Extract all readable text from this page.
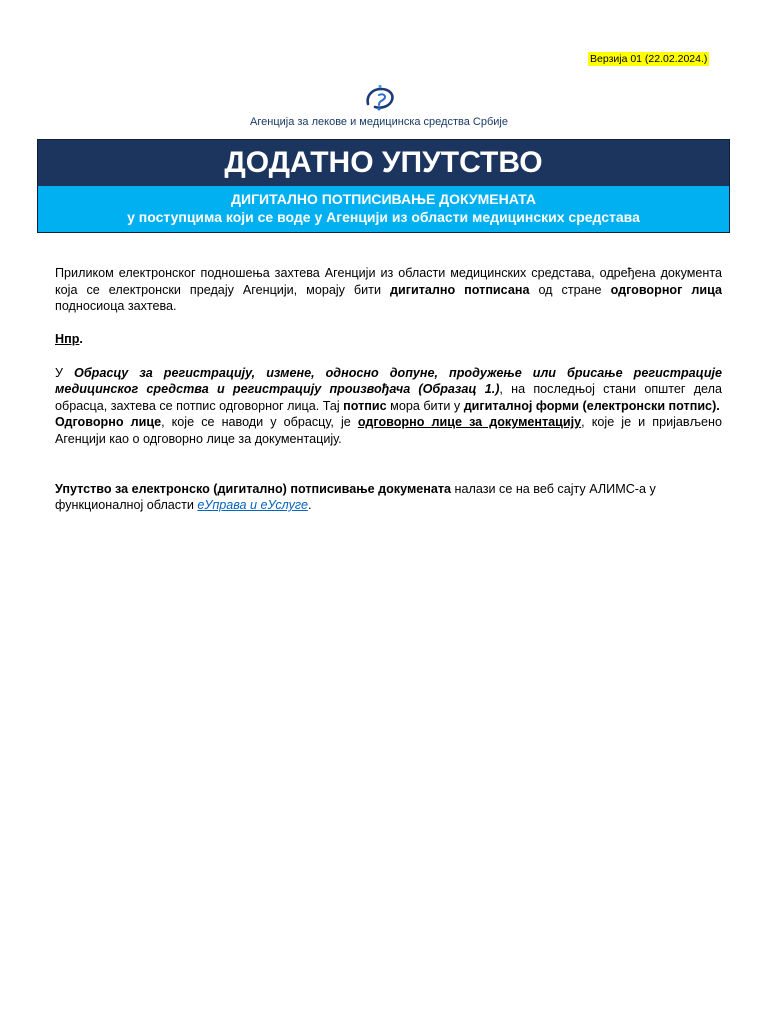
Верзија 01 (22.02.2024.)
Агенција за лекове и медицинска средства Србије
ДОДАТНО УПУТСТВО
ДИГИТАЛНО ПОТПИСИВАЊЕ ДОКУМЕНАТА
у поступцима који се воде у Агенцији из области медицинских средстава

Приликом електронског подношења захтева Агенцији из области медицинских средстава, одређена документа која се електронски предају Агенцији, морају бити дигитално потписана од стране одговорног лица подносиоца захтева.

Нпр.

У Обрасцу за регистрацију, измене, односно допуне, продужење или брисање регистрације медицинског средства и регистрацију произвођача (Образац 1.), на последњој стани општег дела обрасца, захтева се потпис одговорног лица. Тај потпис мора бити у дигиталној форми (електронски потпис).

Одговорно лице, које се наводи у обрасцу, је одговорно лице за документацију, које је и пријављено Агенцији као о одговорно лице за документацију.

Упутство за електронско (дигитално) потписивање докумената налази се на веб сајту АЛИМС-а у функционалној области еУправа и еУслуге.
